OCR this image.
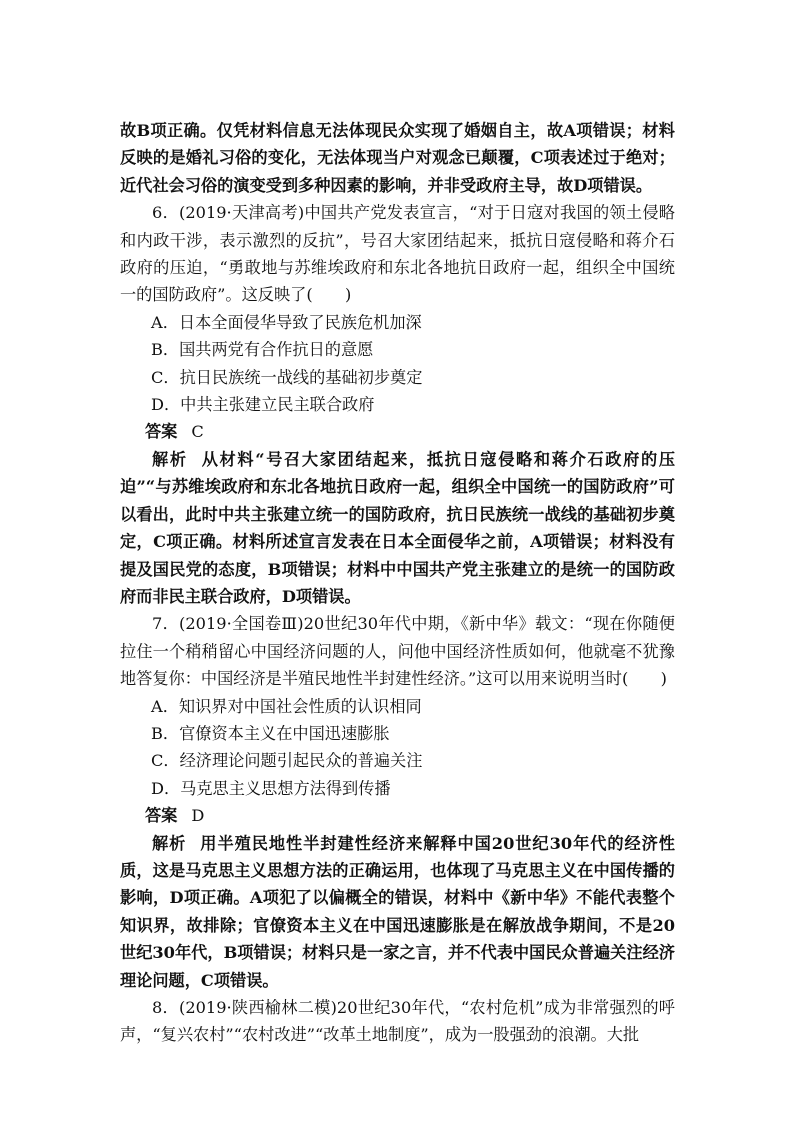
故B项正确。仅凭材料信息无法体现民众实现了婚姻自主，故A项错误；材料反映的是婚礼习俗的变化，无法体现当户对观念已颠覆，C项表述过于绝对；近代社会习俗的演变受到多种因素的影响，并非受政府主导，故D项错误。

6．(2019·天津高考)中国共产党发表宣言，“对于日寇对我国的领土侵略和内政干涉，表示激烈的反抗”，号召大家团结起来，抵抗日寇侵略和蒋介石政府的压迫，“勇敢地与苏维埃政府和东北各地抗日政府一起，组织全中国统一的国防政府”。这反映了(　　)

A．日本全面侵华导致了民族危机加深

B．国共两党有合作抗日的意愿

C．抗日民族统一战线的基础初步奠定

D．中共主张建立民主联合政府

答案 C

解析 从材料“号召大家团结起来，抵抗日寇侵略和蒋介石政府的压迫”“与苏维埃政府和东北各地抗日政府一起，组织全中国统一的国防政府”可以看出，此时中共主张建立统一的国防政府，抗日民族统一战线的基础初步奠定，C项正确。材料所述宣言发表在日本全面侵华之前，A项错误；材料没有提及国民党的态度，B项错误；材料中中国共产党主张建立的是统一的国防政府而非民主联合政府，D项错误。

7．(2019·全国卷Ⅲ)20世纪30年代中期，《新中华》载文：“现在你随便拉住一个稍稍留心中国经济问题的人，问他中国经济性质如何，他就毫不犹豫地答复你：中国经济是半殖民地性半封建性经济。”这可以用来说明当时(　　)

A．知识界对中国社会性质的认识相同

B．官僚资本主义在中国迅速膨胀

C．经济理论问题引起民众的普遍关注

D．马克思主义思想方法得到传播

答案 D

解析 用半殖民地性半封建性经济来解释中国20世纪30年代的经济性质，这是马克思主义思想方法的正确运用，也体现了马克思主义在中国传播的影响，D项正确。A项犯了以偏概全的错误，材料中《新中华》不能代表整个知识界，故排除；官僚资本主义在中国迅速膨胀是在解放战争期间，不是20世纪30年代，B项错误；材料只是一家之言，并不代表中国民众普遍关注经济理论问题，C项错误。

8．(2019·陕西榆林二模)20世纪30年代，“农村危机”成为非常强烈的呼声，“复兴农村”“农村改进”“改革土地制度”，成为一股强劲的浪潮。大批
